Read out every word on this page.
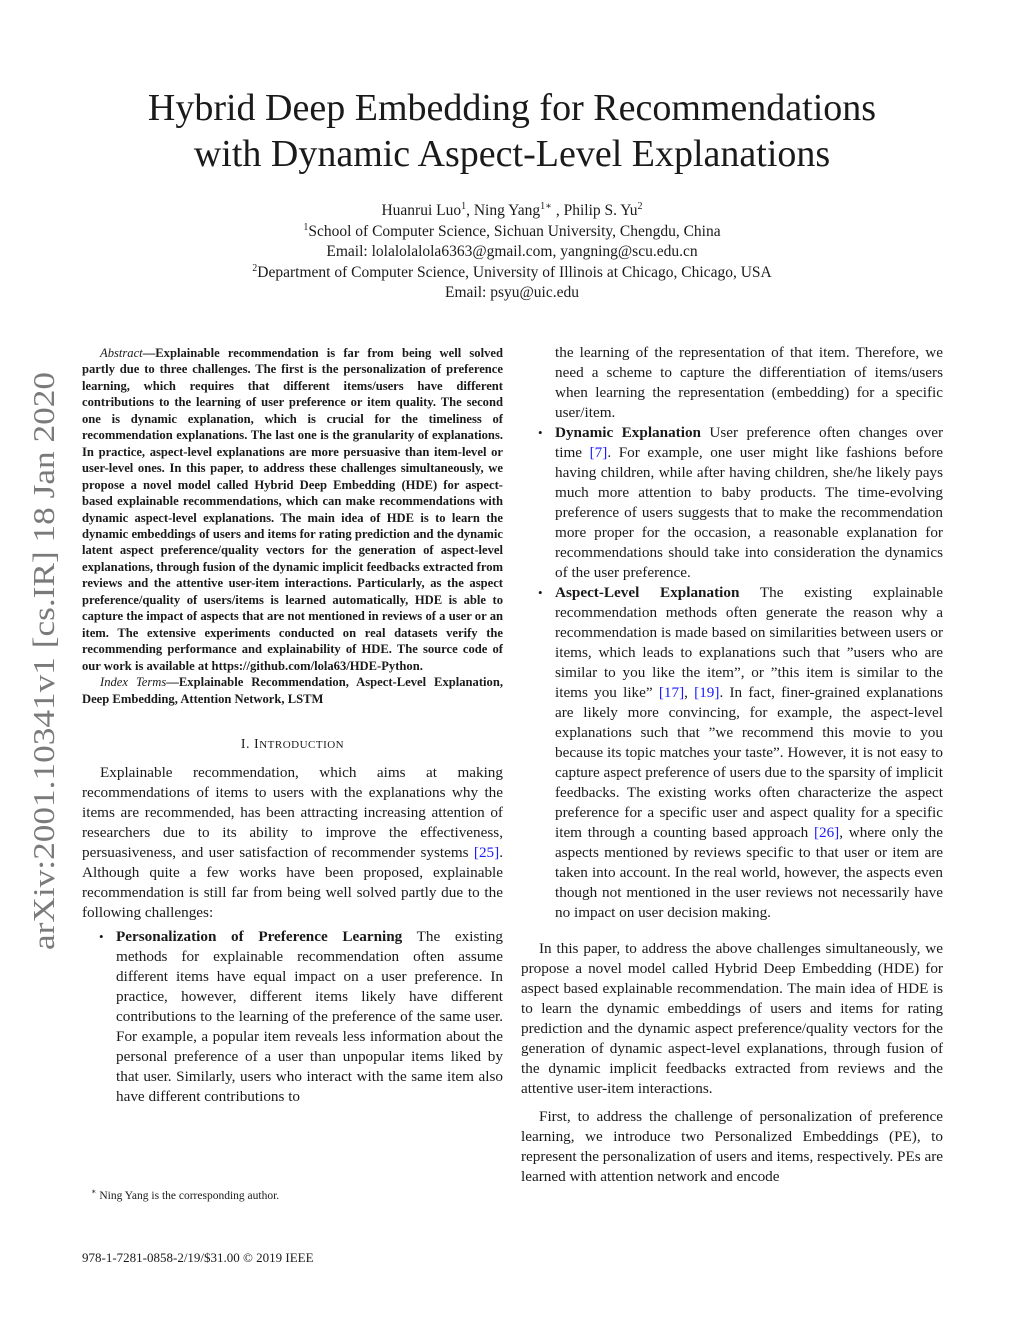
arXiv:2001.10341v1 [cs.IR] 18 Jan 2020
Hybrid Deep Embedding for Recommendations
with Dynamic Aspect-Level Explanations
Huanrui Luo$^1$, Ning Yang$^{1∗}$ , Philip S. Yu$^2$
$^1$School of Computer Science, Sichuan University, Chengdu, China
Email: lolalolalola6363@gmail.com, yangning@scu.edu.cn
$^2$Department of Computer Science, University of Illinois at Chicago, Chicago, USA
Email: psyu@uic.edu
Abstract—Explainable recommendation is far from being well solved partly due to three challenges. The first is the personalization of preference learning, which requires that different items/users have different contributions to the learning of user preference or item quality. The second one is dynamic explanation, which is crucial for the timeliness of recommendation explanations. The last one is the granularity of explanations. In practice, aspect-level explanations are more persuasive than item-level or user-level ones. In this paper, to address these challenges simultaneously, we propose a novel model called Hybrid Deep Embedding (HDE) for aspect-based explainable recommendations, which can make recommendations with dynamic aspect-level explanations. The main idea of HDE is to learn the dynamic embeddings of users and items for rating prediction and the dynamic latent aspect preference/quality vectors for the generation of aspect-level explanations, through fusion of the dynamic implicit feedbacks extracted from reviews and the attentive user-item interactions. Particularly, as the aspect preference/quality of users/items is learned automatically, HDE is able to capture the impact of aspects that are not mentioned in reviews of a user or an item. The extensive experiments conducted on real datasets verify the recommending performance and explainability of HDE. The source code of our work is available at https://github.com/lola63/HDE-Python.
Index Terms—Explainable Recommendation, Aspect-Level Explanation, Deep Embedding, Attention Network, LSTM
I. INTRODUCTION

Explainable recommendation, which aims at making recommendations of items to users with the explanations why the items are recommended, has been attracting increasing attention of researchers due to its ability to improve the effectiveness, persuasiveness, and user satisfaction of recommender systems [25]. Although quite a few works have been proposed, explainable recommendation is still far from being well solved partly due to the following challenges:

• Personalization of Preference Learning The existing methods for explainable recommendation often assume different items have equal impact on a user preference. In practice, however, different items likely have different contributions to the learning of the preference of the same user. For example, a popular item reveals less information about the personal preference of a user than unpopular items liked by that user. Similarly, users who interact with the same item also have different contributions to
the learning of the representation of that item. Therefore, we need a scheme to capture the differentiation of items/users when learning the representation (embedding) for a specific user/item.
• Dynamic Explanation User preference often changes over time [7]. For example, one user might like fashions before having children, while after having children, she/he likely pays much more attention to baby products. The time-evolving preference of users suggests that to make the recommendation more proper for the occasion, a reasonable explanation for recommendations should take into consideration the dynamics of the user preference.
• Aspect-Level Explanation The existing explainable recommendation methods often generate the reason why a recommendation is made based on similarities between users or items, which leads to explanations such that ”users who are similar to you like the item”, or ”this item is similar to the items you like” [17], [19]. In fact, finer-grained explanations are likely more convincing, for example, the aspect-level explanations such that ”we recommend this movie to you because its topic matches your taste”. However, it is not easy to capture aspect preference of users due to the sparsity of implicit feedbacks. The existing works often characterize the aspect preference for a specific user and aspect quality for a specific item through a counting based approach [26], where only the aspects mentioned by reviews specific to that user or item are taken into account. In the real world, however, the aspects even though not mentioned in the user reviews not necessarily have no impact on user decision making.

In this paper, to address the above challenges simultaneously, we propose a novel model called Hybrid Deep Embedding (HDE) for aspect based explainable recommendation. The main idea of HDE is to learn the dynamic embeddings of users and items for rating prediction and the dynamic aspect preference/quality vectors for the generation of dynamic aspect-level explanations, through fusion of the dynamic implicit feedbacks extracted from reviews and the attentive user-item interactions.

First, to address the challenge of personalization of preference learning, we introduce two Personalized Embeddings (PE), to represent the personalization of users and items, respectively. PEs are learned with attention network and encode

∗ Ning Yang is the corresponding author.
978-1-7281-0858-2/19/$31.00 © 2019 IEEE
